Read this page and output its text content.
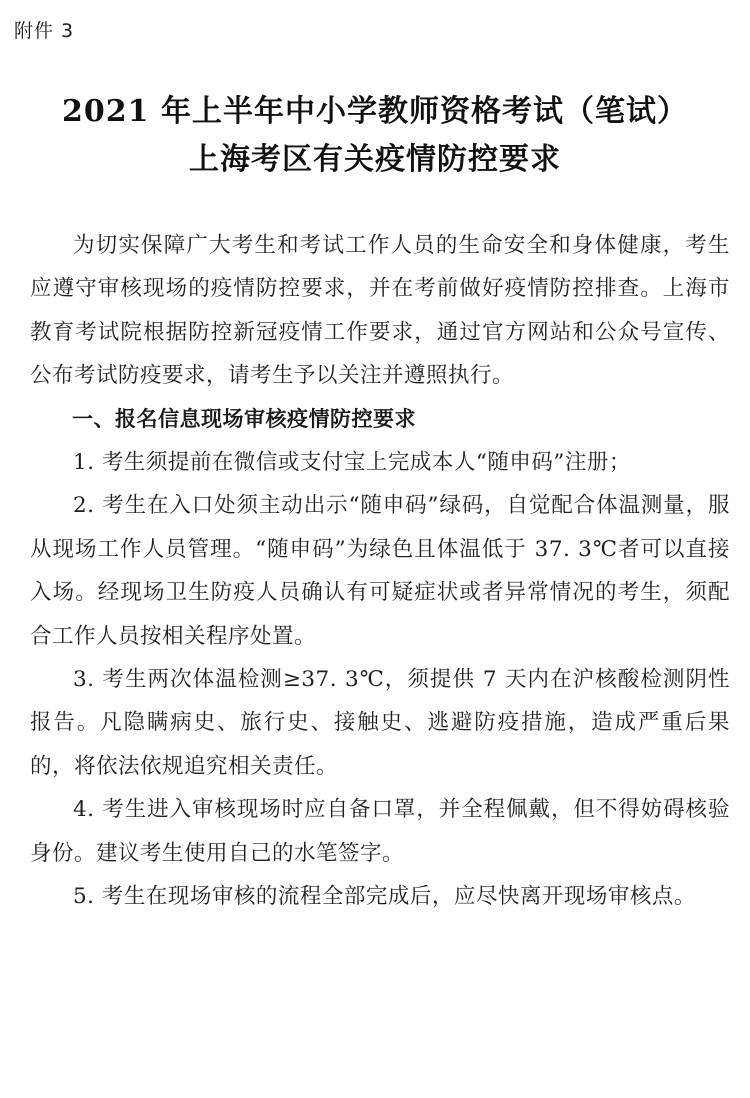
附件 3
2021 年上半年中小学教师资格考试（笔试）
上海考区有关疫情防控要求

为切实保障广大考生和考试工作人员的生命安全和身体健康，考生应遵守审核现场的疫情防控要求，并在考前做好疫情防控排查。上海市教育考试院根据防控新冠疫情工作要求，通过官方网站和公众号宣传、公布考试防疫要求，请考生予以关注并遵照执行。

一、报名信息现场审核疫情防控要求

1. 考生须提前在微信或支付宝上完成本人“随申码”注册；

2. 考生在入口处须主动出示“随申码”绿码，自觉配合体温测量，服从现场工作人员管理。“随申码”为绿色且体温低于 37. 3℃者可以直接入场。经现场卫生防疫人员确认有可疑症状或者异常情况的考生，须配合工作人员按相关程序处置。

3. 考生两次体温检测≥37. 3℃，须提供 7 天内在沪核酸检测阴性报告。凡隐瞒病史、旅行史、接触史、逃避防疫措施，造成严重后果的，将依法依规追究相关责任。

4. 考生进入审核现场时应自备口罩，并全程佩戴，但不得妨碍核验身份。建议考生使用自己的水笔签字。

5. 考生在现场审核的流程全部完成后，应尽快离开现场审核点。
